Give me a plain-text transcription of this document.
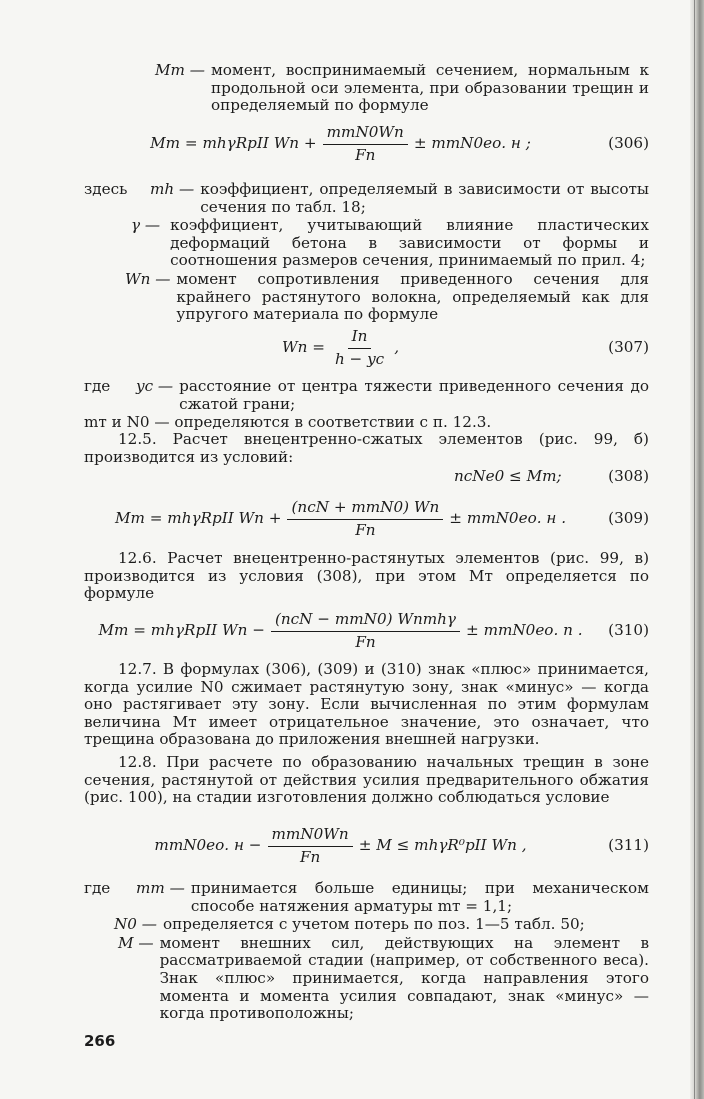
Mт — момент, воспринимаемый сечением, нормальным к продольной оси элемента, при образовании трещин и определяемый по формуле
Mт = mhγRpII Wп + $\frac{\text{mтN0Wп}}{Fп} \pm mтN0eо$. н ;	(306)
здесь	mh — коэффициент, определяемый в зависимости от высоты сечения по табл. 18;
γ — коэффициент, учитывающий влияние пластических деформаций бетона в зависимости от формы и соотношения размеров сечения, принимаемый по прил. 4;
Wп — момент сопротивления приведенного сечения для крайнего растянутого волокна, определяемый как для упругого материала по формуле
Wп = $\frac{Iп}{h - yc}$ ,	(307)
где	yc — расстояние от центра тяжести приведенного сечения до сжатой грани;
mт и N0 — определяются в соответствии с п. 12.3.
12.5. Расчет внецентренно-сжатых элементов (рис. 99, б) производится из условий:
ncNe0 ≤ Mт;	(308)
Mт = mhγRpII Wп + $\frac{\text{(ncN + mтN0) Wп}}{Fп} \pm mтN0eо$. н .	(309)
12.6. Расчет внецентренно-растянутых элементов (рис. 99, в) производится из условия (308), при этом Mт определяется по формуле
Mт = mhγRpII Wп − $\frac{\text{(ncN − mтN0) Wпmhγ}}{Fп} \pm mтN0eо$. п . (310)
12.7. В формулах (306), (309) и (310) знак «плюс» принимается, когда усилие N0 сжимает растянутую зону, знак «минус» — когда оно растягивает эту зону. Если вычисленная по этим формулам величина Mт имеет отрицательное значение, это означает, что трещина образована до приложения внешней нагрузки.
12.8. При расчете по образованию начальных трещин в зоне сечения, растянутой от действия усилия предварительного обжатия (рис. 100), на стадии изготовления должно соблюдаться условие
mтN0eо. $н - \frac{\text{mтN0Wп}}{Fп} \pm M \le mh\gamma R^0pII$ Wп ,	(311)
где	mт — принимается больше единицы; при механическом способе натяжения арматуры mт = 1,1;
N0 — определяется с учетом потерь по поз. 1—5 табл. 50;
M — момент внешних сил, действующих на элемент в рассматриваемой стадии (например, от собственного веса). Знак «плюс» принимается, когда направления этого момента и момента усилия совпадают, знак «минус» — когда противоположны;
266
